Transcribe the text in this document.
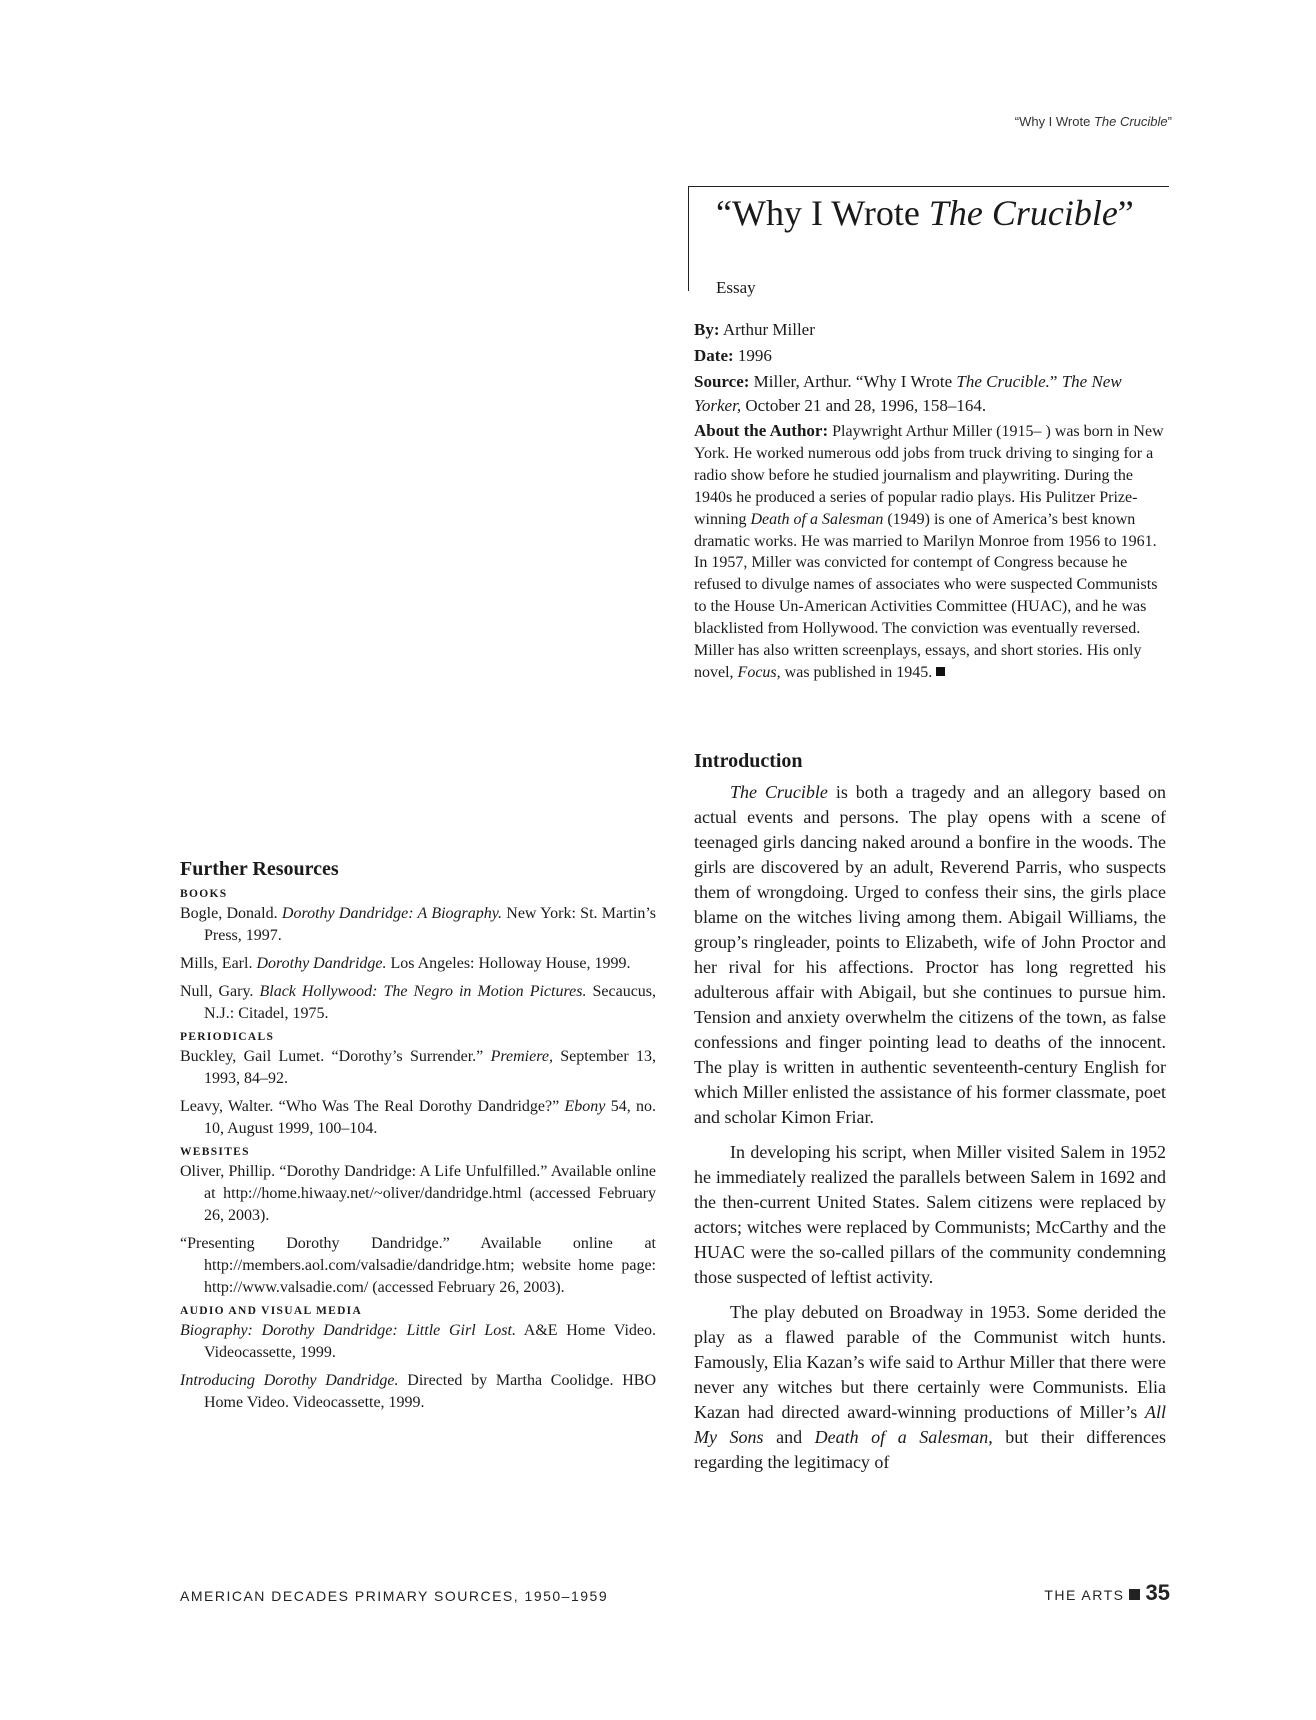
“Why I Wrote The Crucible”
“Why I Wrote The Crucible”
Essay

By: Arthur Miller

Date: 1996

Source: Miller, Arthur. “Why I Wrote The Crucible.” The New Yorker, October 21 and 28, 1996, 158–164.

About the Author: Playwright Arthur Miller (1915– ) was born in New York. He worked numerous odd jobs from truck driving to singing for a radio show before he studied journalism and playwriting. During the 1940s he produced a series of popular radio plays. His Pulitzer Prize-winning Death of a Salesman (1949) is one of America’s best known dramatic works. He was married to Marilyn Monroe from 1956 to 1961. In 1957, Miller was convicted for contempt of Congress because he refused to divulge names of associates who were suspected Communists to the House Un-American Activities Committee (HUAC), and he was blacklisted from Hollywood. The conviction was eventually reversed. Miller has also written screenplays, essays, and short stories. His only novel, Focus, was published in 1945.

Introduction

The Crucible is both a tragedy and an allegory based on actual events and persons. The play opens with a scene of teenaged girls dancing naked around a bonfire in the woods. The girls are discovered by an adult, Reverend Parris, who suspects them of wrongdoing. Urged to confess their sins, the girls place blame on the witches living among them. Abigail Williams, the group’s ringleader, points to Elizabeth, wife of John Proctor and her rival for his affections. Proctor has long regretted his adulterous affair with Abigail, but she continues to pursue him. Tension and anxiety overwhelm the citizens of the town, as false confessions and finger pointing lead to deaths of the innocent. The play is written in authentic seventeenth-century English for which Miller enlisted the assistance of his former classmate, poet and scholar Kimon Friar.

In developing his script, when Miller visited Salem in 1952 he immediately realized the parallels between Salem in 1692 and the then-current United States. Salem citizens were replaced by actors; witches were replaced by Communists; McCarthy and the HUAC were the so-called pillars of the community condemning those suspected of leftist activity.

The play debuted on Broadway in 1953. Some derided the play as a flawed parable of the Communist witch hunts. Famously, Elia Kazan’s wife said to Arthur Miller that there were never any witches but there certainly were Communists. Elia Kazan had directed award-winning productions of Miller’s All My Sons and Death of a Salesman, but their differences regarding the legitimacy of

Further Resources
BOOKS

Bogle, Donald. Dorothy Dandridge: A Biography. New York: St. Martin’s Press, 1997.

Mills, Earl. Dorothy Dandridge. Los Angeles: Holloway House, 1999.

Null, Gary. Black Hollywood: The Negro in Motion Pictures. Secaucus, N.J.: Citadel, 1975.

PERIODICALS

Buckley, Gail Lumet. “Dorothy’s Surrender.” Premiere, September 13, 1993, 84–92.

Leavy, Walter. “Who Was The Real Dorothy Dandridge?” Ebony 54, no. 10, August 1999, 100–104.

WEBSITES

Oliver, Phillip. “Dorothy Dandridge: A Life Unfulfilled.” Available online at http://home.hiwaay.net/~oliver/dandridge.html (accessed February 26, 2003).

“Presenting Dorothy Dandridge.” Available online at http://members.aol.com/valsadie/dandridge.htm; website home page: http://www.valsadie.com/ (accessed February 26, 2003).

AUDIO AND VISUAL MEDIA

Biography: Dorothy Dandridge: Little Girl Lost. A&E Home Video. Videocassette, 1999.

Introducing Dorothy Dandridge. Directed by Martha Coolidge. HBO Home Video. Videocassette, 1999.

AMERICAN DECADES PRIMARY SOURCES, 1950–1959	THE ARTS 35
